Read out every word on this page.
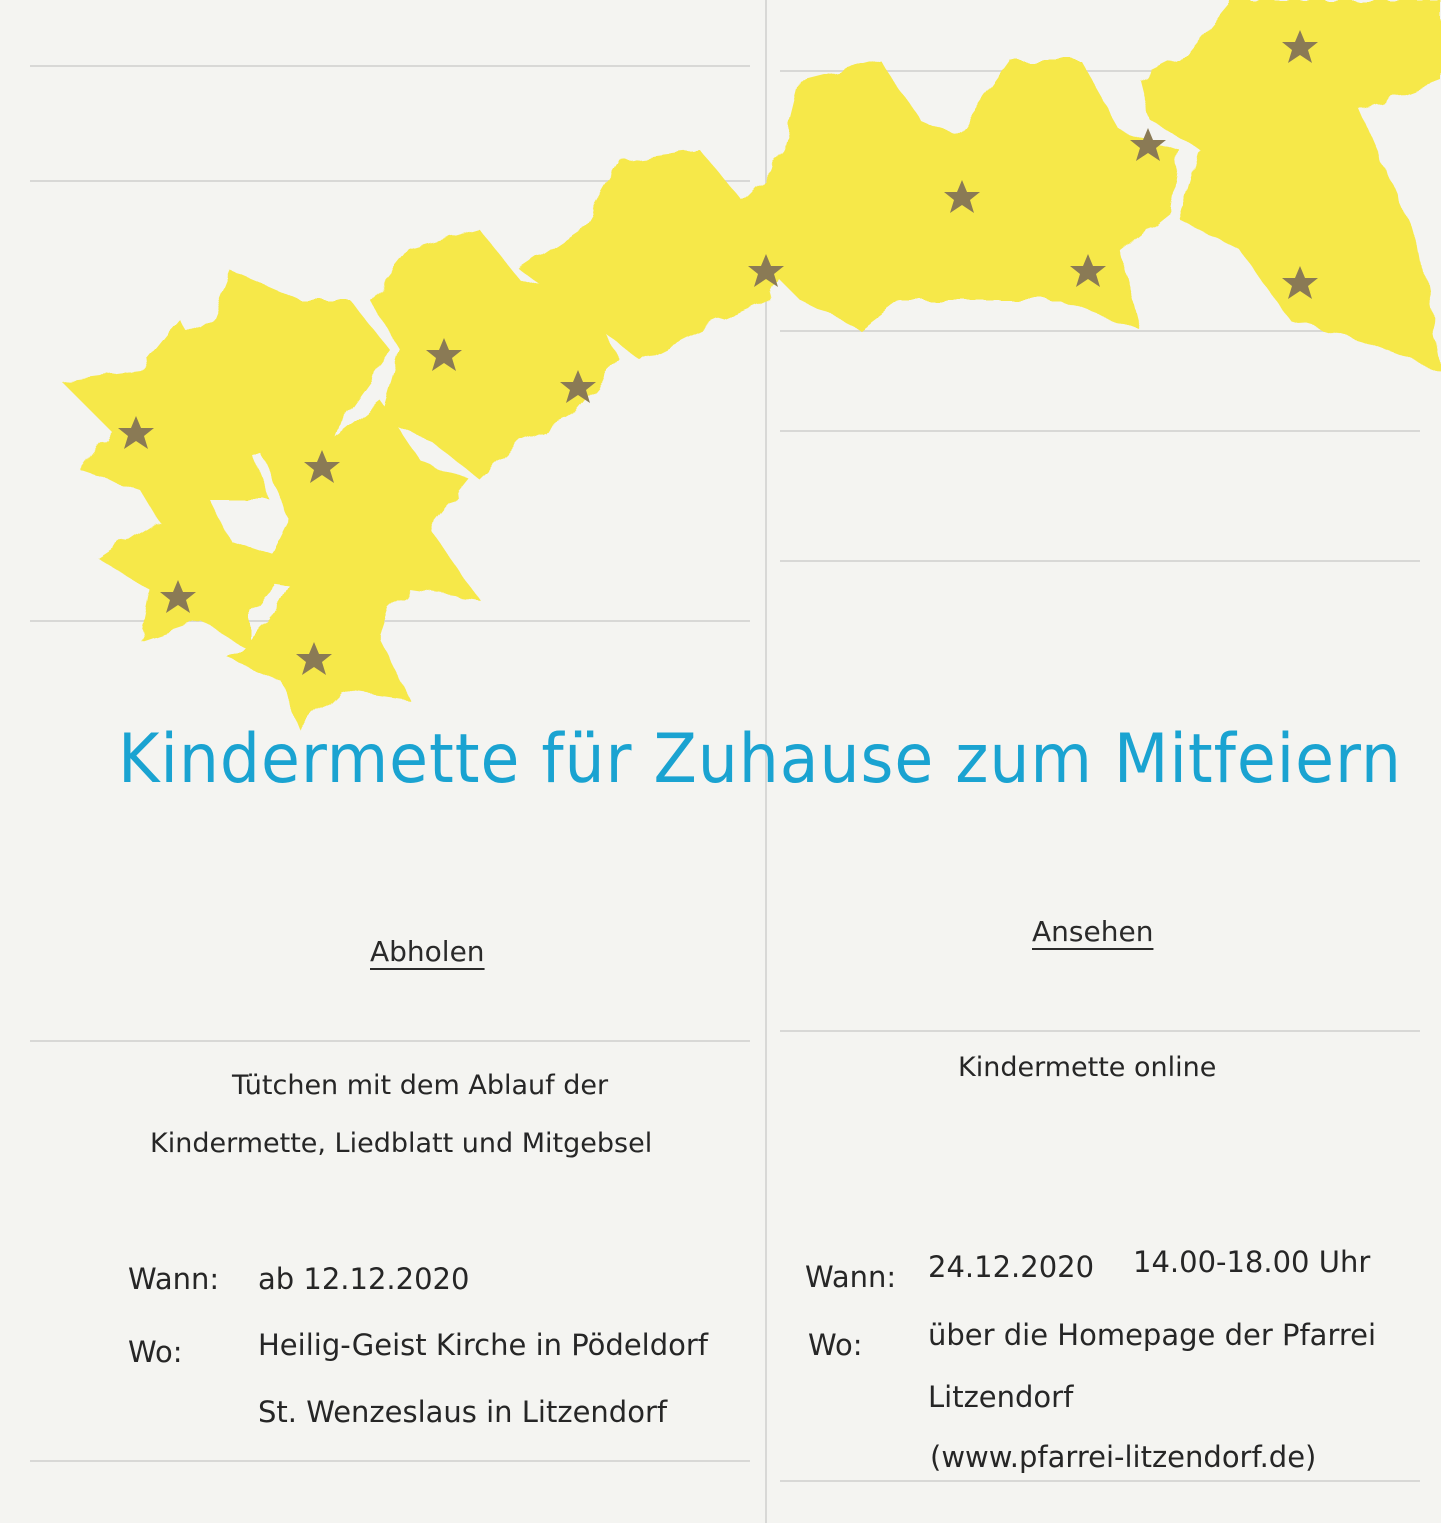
Kindermette für Zuhause zum Mitfeiern
Abholen
Ansehen
Tütchen mit dem Ablauf der
Kindermette, Liedblatt und Mitgebsel
Kindermette online
Wann: ab 12.12.2020
Wo:	Heilig-Geist Kirche in Pödeldorf
St. Wenzeslaus in Litzendorf
Wann: 24.12.2020 14.00-18.00 Uhr
Wo: über die Homepage der Pfarrei
Litzendorf
(www.pfarrei-litzendorf.de)
